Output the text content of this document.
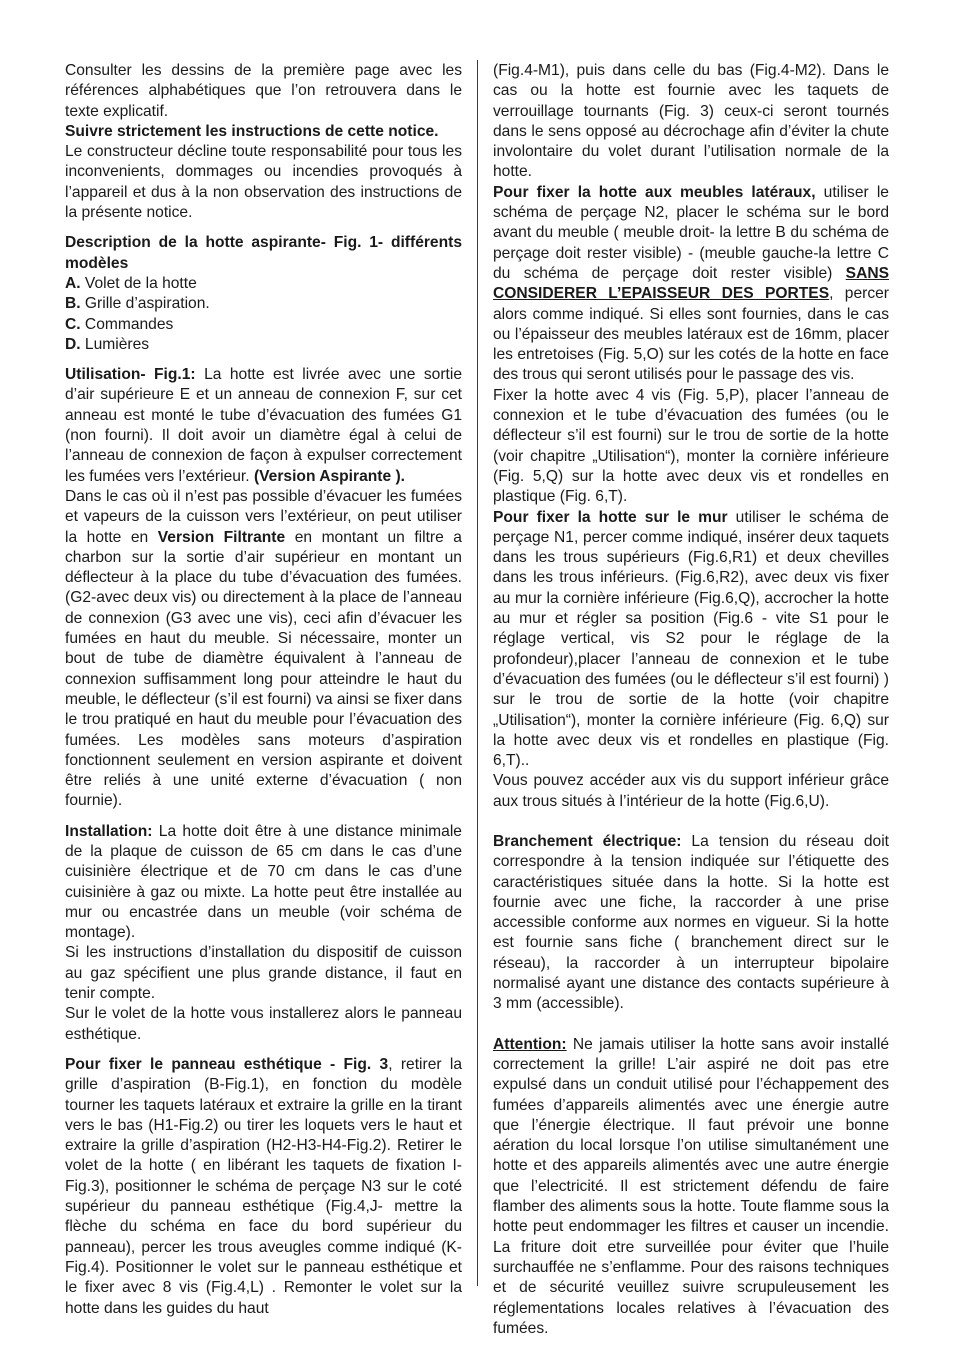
Consulter les dessins de la première page avec les références alphabétiques que l’on retrouvera dans le texte explicatif.

Suivre strictement les instructions de cette notice.

Le constructeur décline toute responsabilité pour tous les inconvenients, dommages ou incendies provoqués à l’appareil et dus à la non observation des instructions de la présente notice.

Description de la hotte aspirante- Fig. 1- différents modèles

A. Volet de la hotte

B. Grille d’aspiration.

C. Commandes

D. Lumières

Utilisation- Fig.1: La hotte est livrée avec une sortie d’air supérieure E et un anneau de connexion F, sur cet anneau est monté le tube d’évacuation des fumées G1 (non fourni). Il doit avoir un diamètre égal à celui de l’anneau de connexion de façon à expulser correctement les fumées vers l’extérieur. (Version Aspirante ).

Dans le cas où il n’est pas possible d’évacuer les fumées et vapeurs de la cuisson vers l’extérieur, on peut utiliser la hotte en Version Filtrante en montant un filtre a charbon sur la sortie d’air supérieur en montant un déflecteur à la place du tube d’évacuation des fumées. (G2-avec deux vis) ou directement à la place de l’anneau de connexion (G3 avec une vis), ceci afin d’évacuer les fumées en haut du meuble. Si nécessaire, monter un bout de tube de diamètre équivalent à l’anneau de connexion suffisamment long pour atteindre le haut du meuble, le déflecteur (s’il est fourni) va ainsi se fixer dans le trou pratiqué en haut du meuble pour l’évacuation des fumées. Les modèles sans moteurs d’aspiration fonctionnent seulement en version aspirante et doivent être reliés à une unité externe d’évacuation ( non fournie).

Installation: La hotte doit être à une distance minimale de la plaque de cuisson de 65 cm dans le cas d’une cuisinière électrique et de 70 cm dans le cas d’une cuisinière à gaz ou mixte. La hotte peut être installée au mur ou encastrée dans un meuble (voir schéma de montage).

Si les instructions d’installation du dispositif de cuisson au gaz spécifient une plus grande distance, il faut en tenir compte.

Sur le volet de la hotte vous installerez alors le panneau esthétique.

Pour fixer le panneau esthétique - Fig. 3, retirer la grille d’aspiration (B-Fig.1), en fonction du modèle tourner les taquets latéraux et extraire la grille en la tirant vers le bas (H1-Fig.2) ou tirer les loquets vers le haut et extraire la grille d’aspiration (H2-H3-H4-Fig.2). Retirer le volet de la hotte ( en libérant les taquets de fixation I-Fig.3), positionner le schéma de perçage N3 sur le coté supérieur du panneau esthétique (Fig.4,J- mettre la flèche du schéma en face du bord supérieur du panneau), percer les trous aveugles comme indiqué (K-Fig.4). Positionner le volet sur le panneau esthétique et le fixer avec 8 vis (Fig.4,L) . Remonter le volet sur la hotte dans les guides du haut

(Fig.4-M1), puis dans celle du bas (Fig.4-M2). Dans le cas ou la hotte est fournie avec les taquets de verrouillage tournants (Fig. 3) ceux-ci seront tournés dans le sens opposé au décrochage afin d’éviter la chute involontaire du volet durant l’utilisation normale de la hotte.

Pour fixer la hotte aux meubles latéraux, utiliser le schéma de perçage N2, placer le schéma sur le bord avant du meuble ( meuble droit- la lettre B du schéma de perçage doit rester visible) - (meuble gauche-la lettre C du schéma de perçage doit rester visible) SANS CONSIDERER L’EPAISSEUR DES PORTES, percer alors comme indiqué. Si elles sont fournies, dans le cas ou l’épaisseur des meubles latéraux est de 16mm, placer les entretoises (Fig. 5,O) sur les cotés de la hotte en face des trous qui seront utilisés pour le passage des vis.

Fixer la hotte avec 4 vis (Fig. 5,P), placer l’anneau de connexion et le tube d’évacuation des fumées (ou le déflecteur s’il est fourni) sur le trou de sortie de la hotte (voir chapitre „Utilisation“), monter la cornière inférieure (Fig. 5,Q) sur la hotte avec deux vis et rondelles en plastique (Fig. 6,T).

Pour fixer la hotte sur le mur utiliser le schéma de perçage N1, percer comme indiqué, insérer deux taquets dans les trous supérieurs (Fig.6,R1) et deux chevilles dans les trous inférieurs. (Fig.6,R2), avec deux vis fixer au mur la cornière inférieure (Fig.6,Q), accrocher la hotte au mur et régler sa position (Fig.6 - vite S1 pour le réglage vertical, vis S2 pour le réglage de la profondeur),placer l’anneau de connexion et le tube d’évacuation des fumées (ou le déflecteur s’il est fourni) ) sur le trou de sortie de la hotte (voir chapitre „Utilisation“), monter la cornière inférieure (Fig. 6,Q) sur la hotte avec deux vis et rondelles en plastique (Fig. 6,T)..

Vous pouvez accéder aux vis du support inférieur grâce aux trous situés à l’intérieur de la hotte (Fig.6,U).

Branchement électrique: La tension du réseau doit correspondre à la tension indiquée sur l’étiquette des caractéristiques située dans la hotte. Si la hotte est fournie avec une fiche, la raccorder à une prise accessible conforme aux normes en vigueur. Si la hotte est fournie sans fiche ( branchement direct sur le réseau), la raccorder à un interrupteur bipolaire normalisé ayant une distance des contacts supérieure à 3 mm (accessible).

Attention: Ne jamais utiliser la hotte sans avoir installé correctement la grille! L’air aspiré ne doit pas etre expulsé dans un conduit utilisé pour l’échappement des fumées d’appareils alimentés avec une énergie autre que l’énergie électrique. Il faut prévoir une bonne aération du local lorsque l’on utilise simultanément une hotte et des appareils alimentés avec une autre énergie que l’electricité. Il est strictement défendu de faire flamber des aliments sous la hotte. Toute flamme sous la hotte peut endommager les filtres et causer un incendie. La friture doit etre surveillée pour éviter que l’huile surchauffée ne s’enflamme. Pour des raisons techniques et de sécurité veuillez suivre scrupuleusement les réglementations locales relatives à l’évacuation des fumées.
